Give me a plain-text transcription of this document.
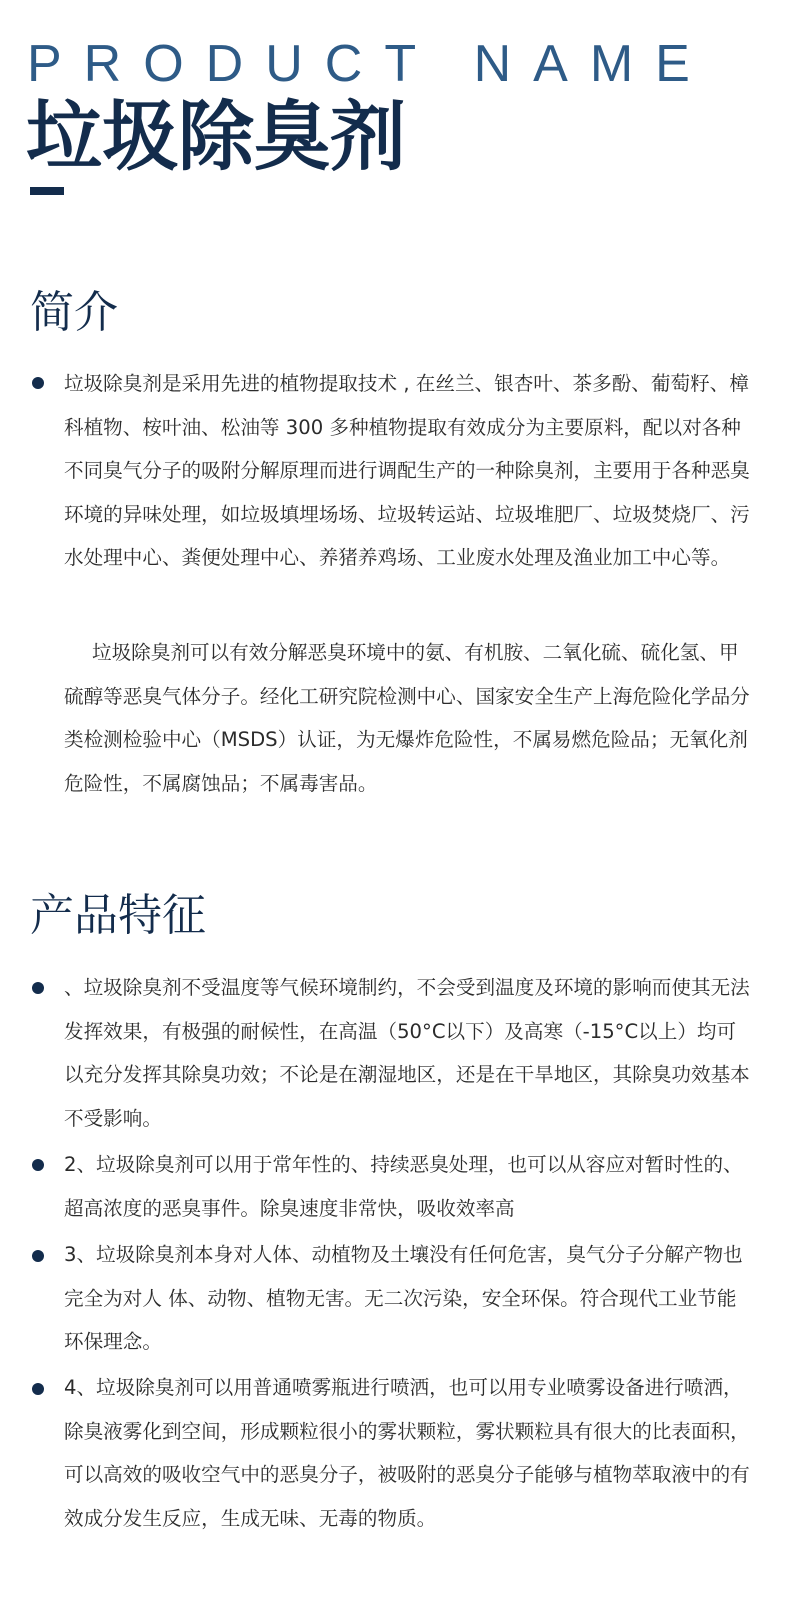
PRODUCT NAME
垃圾除臭剂
简介

垃圾除臭剂是采用先进的植物提取技术 , 在丝兰、银杏叶、茶多酚、葡萄籽、樟科植物、桉叶油、松油等 300 多种植物提取有效成分为主要原料，配以对各种不同臭气分子的吸附分解原理而进行调配生产的一种除臭剂，主要用于各种恶臭环境的异味处理，如垃圾填埋场场、垃圾转运站、垃圾堆肥厂、垃圾焚烧厂、污水处理中心、粪便处理中心、养猪养鸡场、工业废水处理及渔业加工中心等。

垃圾除臭剂可以有效分解恶臭环境中的氨、有机胺、二氧化硫、硫化氢、甲硫醇等恶臭气体分子。经化工研究院检测中心、国家安全生产上海危险化学品分类检测检验中心（MSDS）认证，为无爆炸危险性，不属易燃危险品；无氧化剂危险性，不属腐蚀品；不属毒害品。

产品特征

、垃圾除臭剂不受温度等气候环境制约，不会受到温度及环境的影响而使其无法发挥效果，有极强的耐候性，在高温（50°C以下）及高寒（-15°C以上）均可以充分发挥其除臭功效；不论是在潮湿地区，还是在干旱地区，其除臭功效基本不受影响。

2、垃圾除臭剂可以用于常年性的、持续恶臭处理，也可以从容应对暂时性的、超高浓度的恶臭事件。除臭速度非常快，吸收效率高

3、垃圾除臭剂本身对人体、动植物及土壤没有任何危害，臭气分子分解产物也完全为对人 体、动物、植物无害。无二次污染，安全环保。符合现代工业节能环保理念。

4、垃圾除臭剂可以用普通喷雾瓶进行喷洒，也可以用专业喷雾设备进行喷洒，除臭液雾化到空间，形成颗粒很小的雾状颗粒，雾状颗粒具有很大的比表面积，可以高效的吸收空气中的恶臭分子，被吸附的恶臭分子能够与植物萃取液中的有效成分发生反应，生成无味、无毒的物质。
